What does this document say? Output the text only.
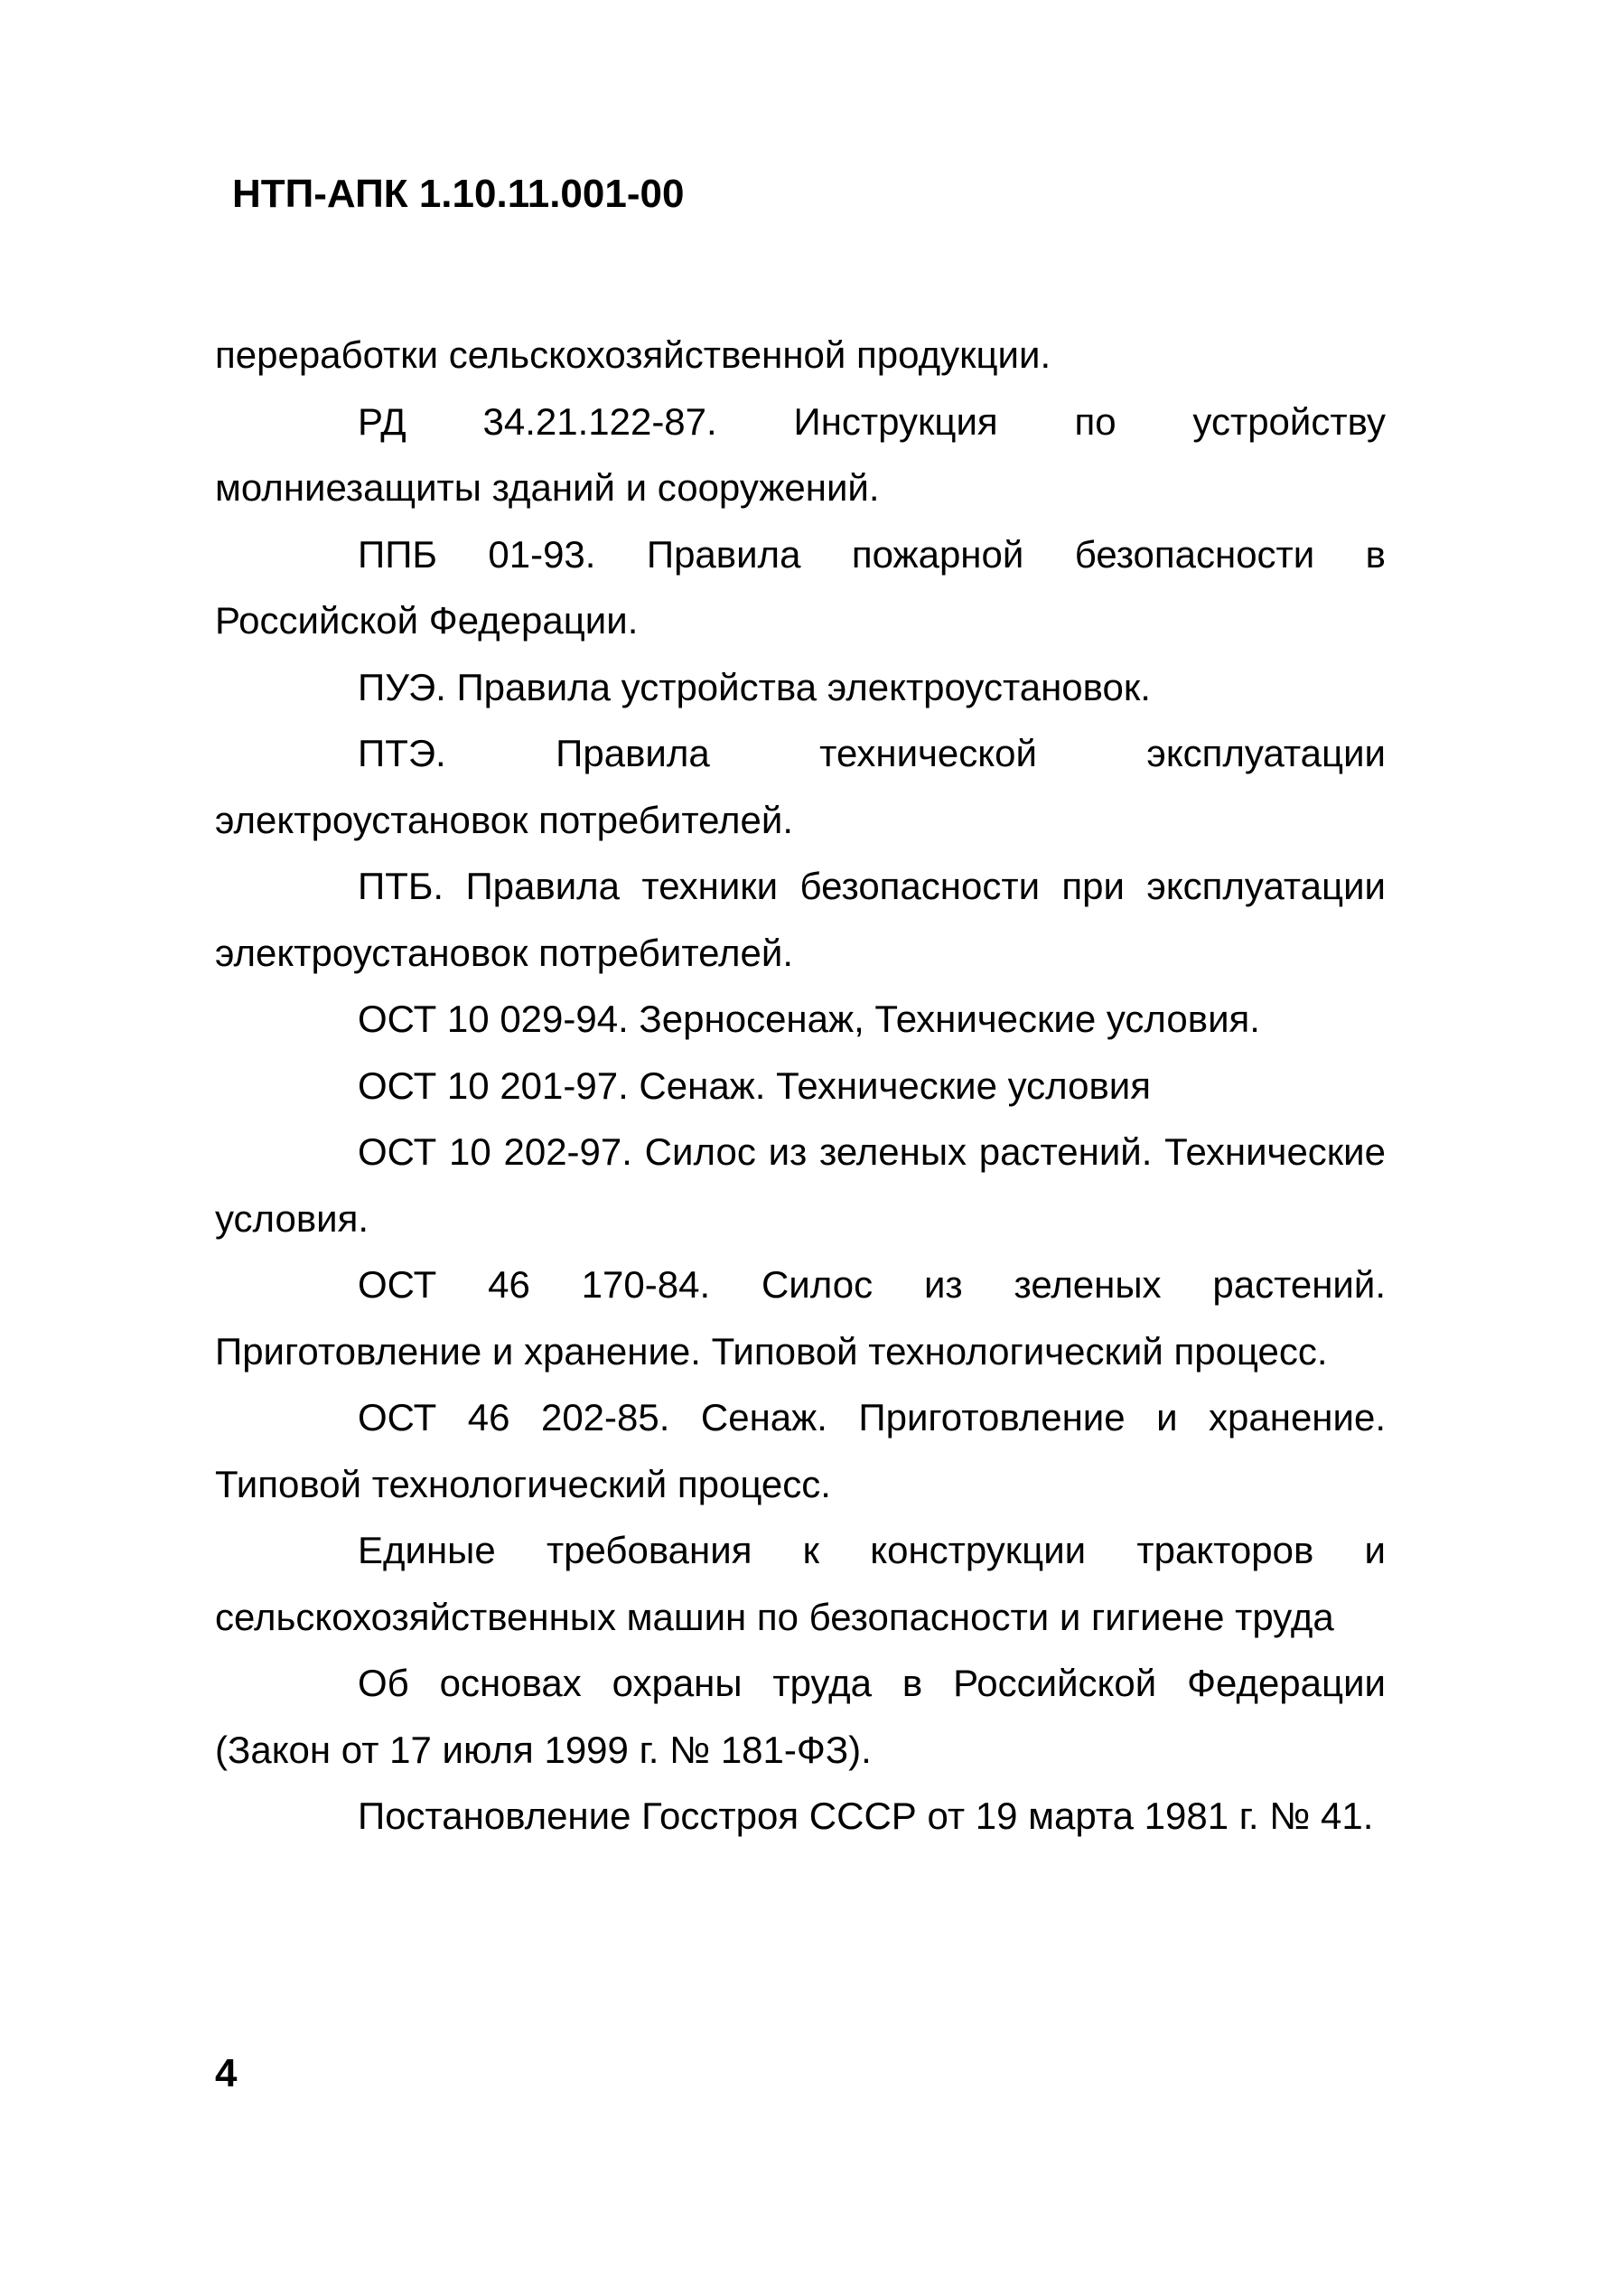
НТП-АПК 1.10.11.001-00

переработки сельскохозяйственной продукции.

РД 34.21.122-87. Инструкция по устройству молниезащиты зданий и сооружений.

ППБ 01-93. Правила пожарной безопасности в Российской Федерации.

ПУЭ. Правила устройства электроустановок.

ПТЭ. Правила технической эксплуатации электроустановок потребителей.

ПТБ. Правила техники безопасности при эксплуатации электроустановок потребителей.

ОСТ 10 029-94. Зерносенаж, Технические условия.

ОСТ 10 201-97. Сенаж. Технические условия

ОСТ 10 202-97. Силос из зеленых растений. Технические условия.

ОСТ 46 170-84. Силос из зеленых растений. Приготовление и хранение. Типовой технологический процесс.

ОСТ 46 202-85. Сенаж. Приготовление и хранение. Типовой технологический процесс.

Единые требования к конструкции тракторов и сельскохозяйственных машин по безопасности и гигиене труда

Об основах охраны труда в Российской Федерации (Закон от 17 июля 1999 г. № 181-ФЗ).

Постановление Госстроя СССР от 19 марта 1981 г. № 41.

4
